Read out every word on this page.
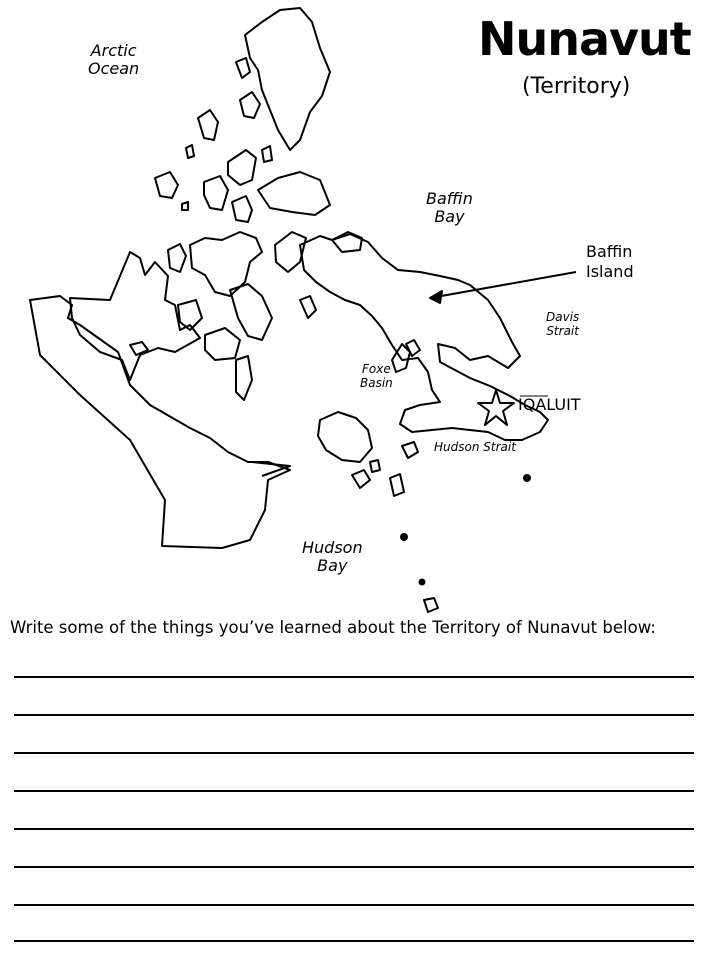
Nunavut
(Territory)
Arctic
Ocean
Baffin
Bay
Baffin
Island
Davis
Strait
Foxe
Basin
IQALUIT
Hudson Strait
Hudson
Bay
Write some of the things you’ve learned about the Territory of Nunavut below:
